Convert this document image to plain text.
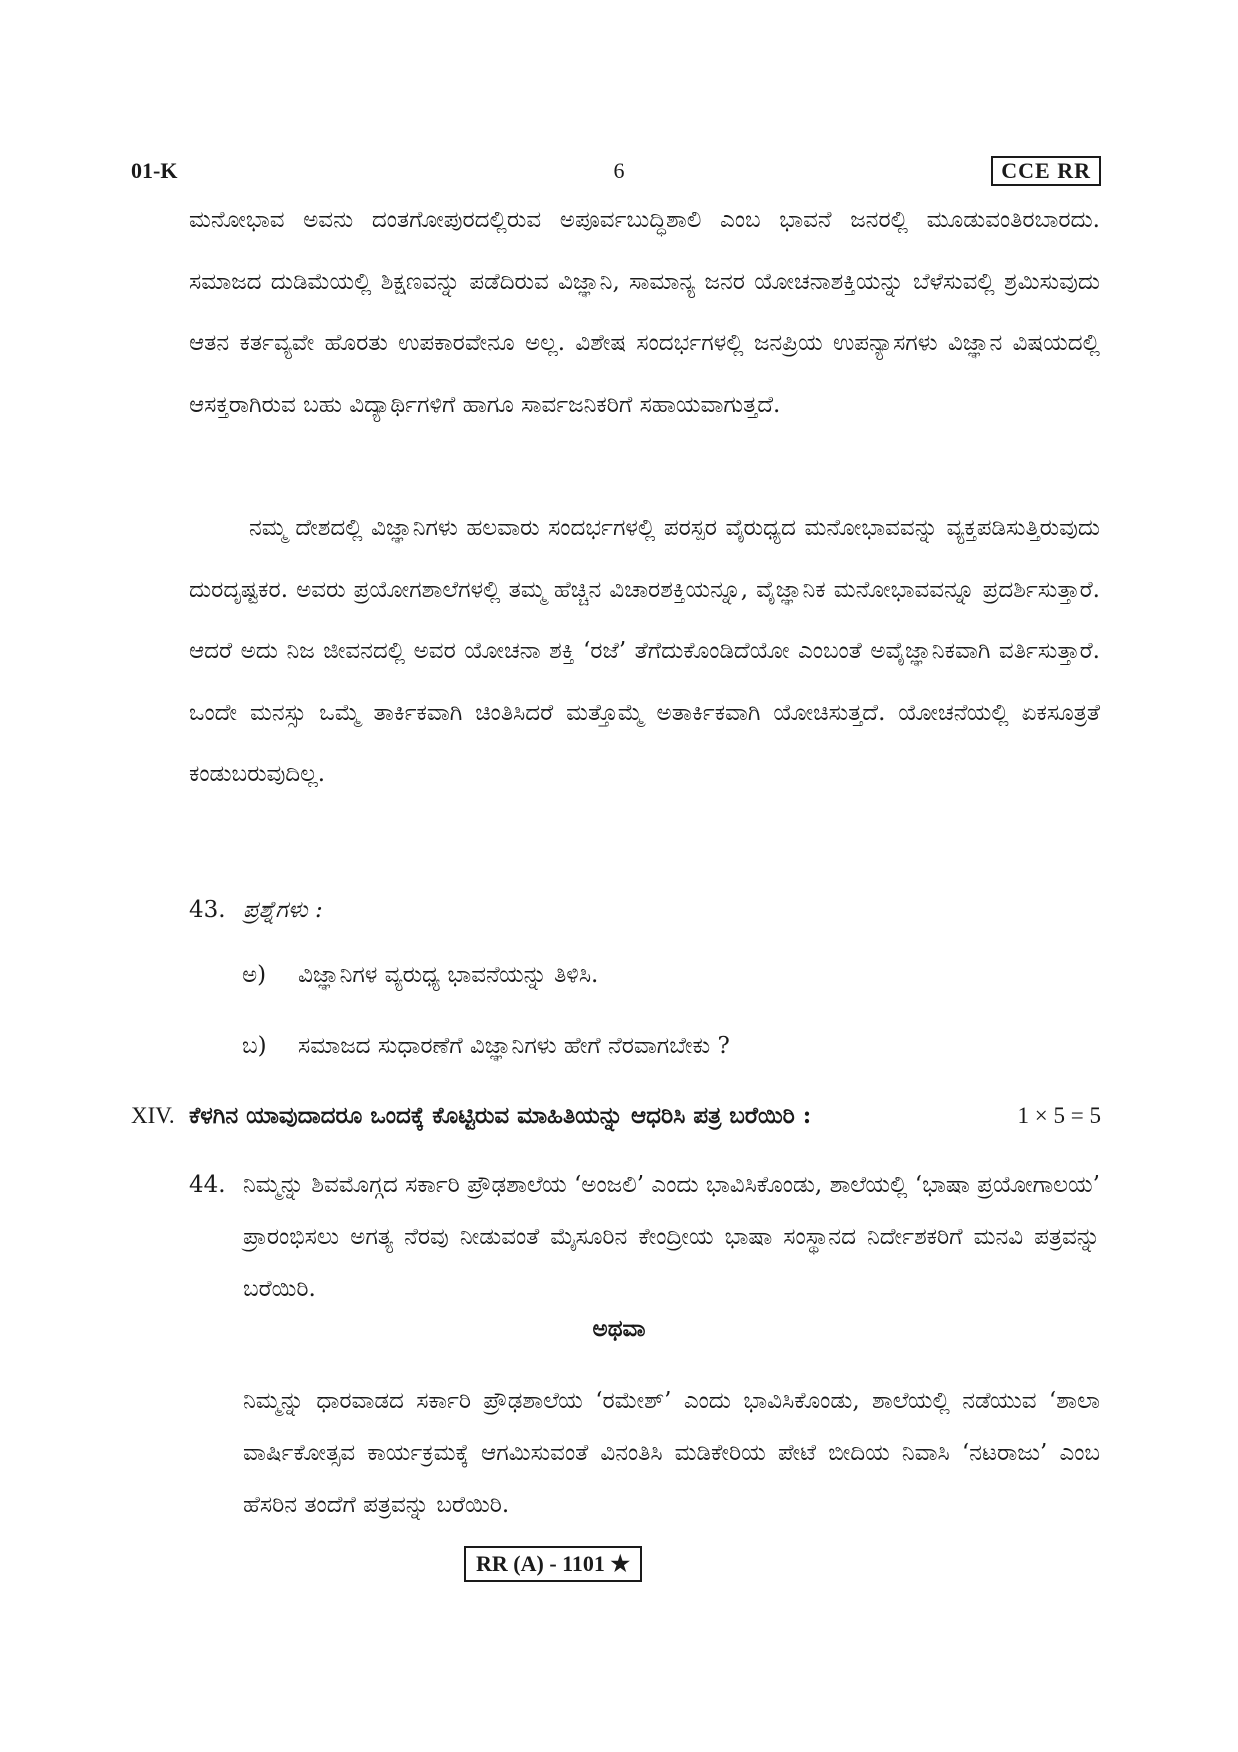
01-K	6	CCE RR

ಮನೋಭಾವ ಅವನು ದಂತಗೋಪುರದಲ್ಲಿರುವ ಅಪೂರ್ವಬುದ್ಧಿಶಾಲಿ ಎಂಬ ಭಾವನೆ ಜನರಲ್ಲಿ ಮೂಡುವಂತಿರಬಾರದು. ಸಮಾಜದ ದುಡಿಮೆಯಲ್ಲಿ ಶಿಕ್ಷಣವನ್ನು ಪಡೆದಿರುವ ವಿಜ್ಞಾನಿ, ಸಾಮಾನ್ಯ ಜನರ ಯೋಚನಾಶಕ್ತಿಯನ್ನು ಬೆಳೆಸುವಲ್ಲಿ ಶ್ರಮಿಸುವುದು ಆತನ ಕರ್ತವ್ಯವೇ ಹೊರತು ಉಪಕಾರವೇನೂ ಅಲ್ಲ. ವಿಶೇಷ ಸಂದರ್ಭಗಳಲ್ಲಿ ಜನಪ್ರಿಯ ಉಪನ್ಯಾಸಗಳು ವಿಜ್ಞಾನ ವಿಷಯದಲ್ಲಿ ಆಸಕ್ತರಾಗಿರುವ ಬಹು ವಿದ್ಯಾರ್ಥಿಗಳಿಗೆ ಹಾಗೂ ಸಾರ್ವಜನಿಕರಿಗೆ ಸಹಾಯವಾಗುತ್ತದೆ.

ನಮ್ಮ ದೇಶದಲ್ಲಿ ವಿಜ್ಞಾನಿಗಳು ಹಲವಾರು ಸಂದರ್ಭಗಳಲ್ಲಿ ಪರಸ್ಪರ ವೈರುಧ್ಯದ ಮನೋಭಾವವನ್ನು ವ್ಯಕ್ತಪಡಿಸುತ್ತಿರುವುದು ದುರದೃಷ್ಟಕರ. ಅವರು ಪ್ರಯೋಗಶಾಲೆಗಳಲ್ಲಿ ತಮ್ಮ ಹೆಚ್ಚಿನ ವಿಚಾರಶಕ್ತಿಯನ್ನೂ, ವೈಜ್ಞಾನಿಕ ಮನೋಭಾವವನ್ನೂ ಪ್ರದರ್ಶಿಸುತ್ತಾರೆ. ಆದರೆ ಅದು ನಿಜ ಜೀವನದಲ್ಲಿ ಅವರ ಯೋಚನಾ ಶಕ್ತಿ ‘ರಜೆ’ ತೆಗೆದುಕೊಂಡಿದೆಯೋ ಎಂಬಂತೆ ಅವೈಜ್ಞಾನಿಕವಾಗಿ ವರ್ತಿಸುತ್ತಾರೆ. ಒಂದೇ ಮನಸ್ಸು ಒಮ್ಮೆ ತಾರ್ಕಿಕವಾಗಿ ಚಿಂತಿಸಿದರೆ ಮತ್ತೊಮ್ಮೆ ಅತಾರ್ಕಿಕವಾಗಿ ಯೋಚಿಸುತ್ತದೆ. ಯೋಚನೆಯಲ್ಲಿ ಏಕಸೂತ್ರತೆ ಕಂಡುಬರುವುದಿಲ್ಲ.

43. ಪ್ರಶ್ನೆಗಳು :
ಅ) ವಿಜ್ಞಾನಿಗಳ ವ್ಯರುಧ್ಯ ಭಾವನೆಯನ್ನು ತಿಳಿಸಿ.
ಬ) ಸಮಾಜದ ಸುಧಾರಣೆಗೆ ವಿಜ್ಞಾನಿಗಳು ಹೇಗೆ ನೆರವಾಗಬೇಕು ?
XIV. ಕೆಳಗಿನ ಯಾವುದಾದರೂ ಒಂದಕ್ಕೆ ಕೊಟ್ಟಿರುವ ಮಾಹಿತಿಯನ್ನು ಆಧರಿಸಿ ಪತ್ರ ಬರೆಯಿರಿ :	1 × 5 = 5
44. ನಿಮ್ಮನ್ನು ಶಿವಮೊಗ್ಗದ ಸರ್ಕಾರಿ ಪ್ರೌಢಶಾಲೆಯ ‘ಅಂಜಲಿ’ ಎಂದು ಭಾವಿಸಿಕೊಂಡು, ಶಾಲೆಯಲ್ಲಿ ‘ಭಾಷಾ ಪ್ರಯೋಗಾಲಯ’ ಪ್ರಾರಂಭಿಸಲು ಅಗತ್ಯ ನೆರವು ನೀಡುವಂತೆ ಮೈಸೂರಿನ ಕೇಂದ್ರೀಯ ಭಾಷಾ ಸಂಸ್ಥಾನದ ನಿರ್ದೇಶಕರಿಗೆ ಮನವಿ ಪತ್ರವನ್ನು ಬರೆಯಿರಿ.
ಅಥವಾ
ನಿಮ್ಮನ್ನು ಧಾರವಾಡದ ಸರ್ಕಾರಿ ಪ್ರೌಢಶಾಲೆಯ ‘ರಮೇಶ್’ ಎಂದು ಭಾವಿಸಿಕೊಂಡು, ಶಾಲೆಯಲ್ಲಿ ನಡೆಯುವ ‘ಶಾಲಾ ವಾರ್ಷಿಕೋತ್ಸವ ಕಾರ್ಯಕ್ರಮಕ್ಕೆ ಆಗಮಿಸುವಂತೆ ವಿನಂತಿಸಿ ಮಡಿಕೇರಿಯ ಪೇಟೆ ಬೀದಿಯ ನಿವಾಸಿ ‘ನಟರಾಜು’ ಎಂಬ ಹೆಸರಿನ ತಂದೆಗೆ ಪತ್ರವನ್ನು ಬರೆಯಿರಿ.
RR (A) - 1101 ★
